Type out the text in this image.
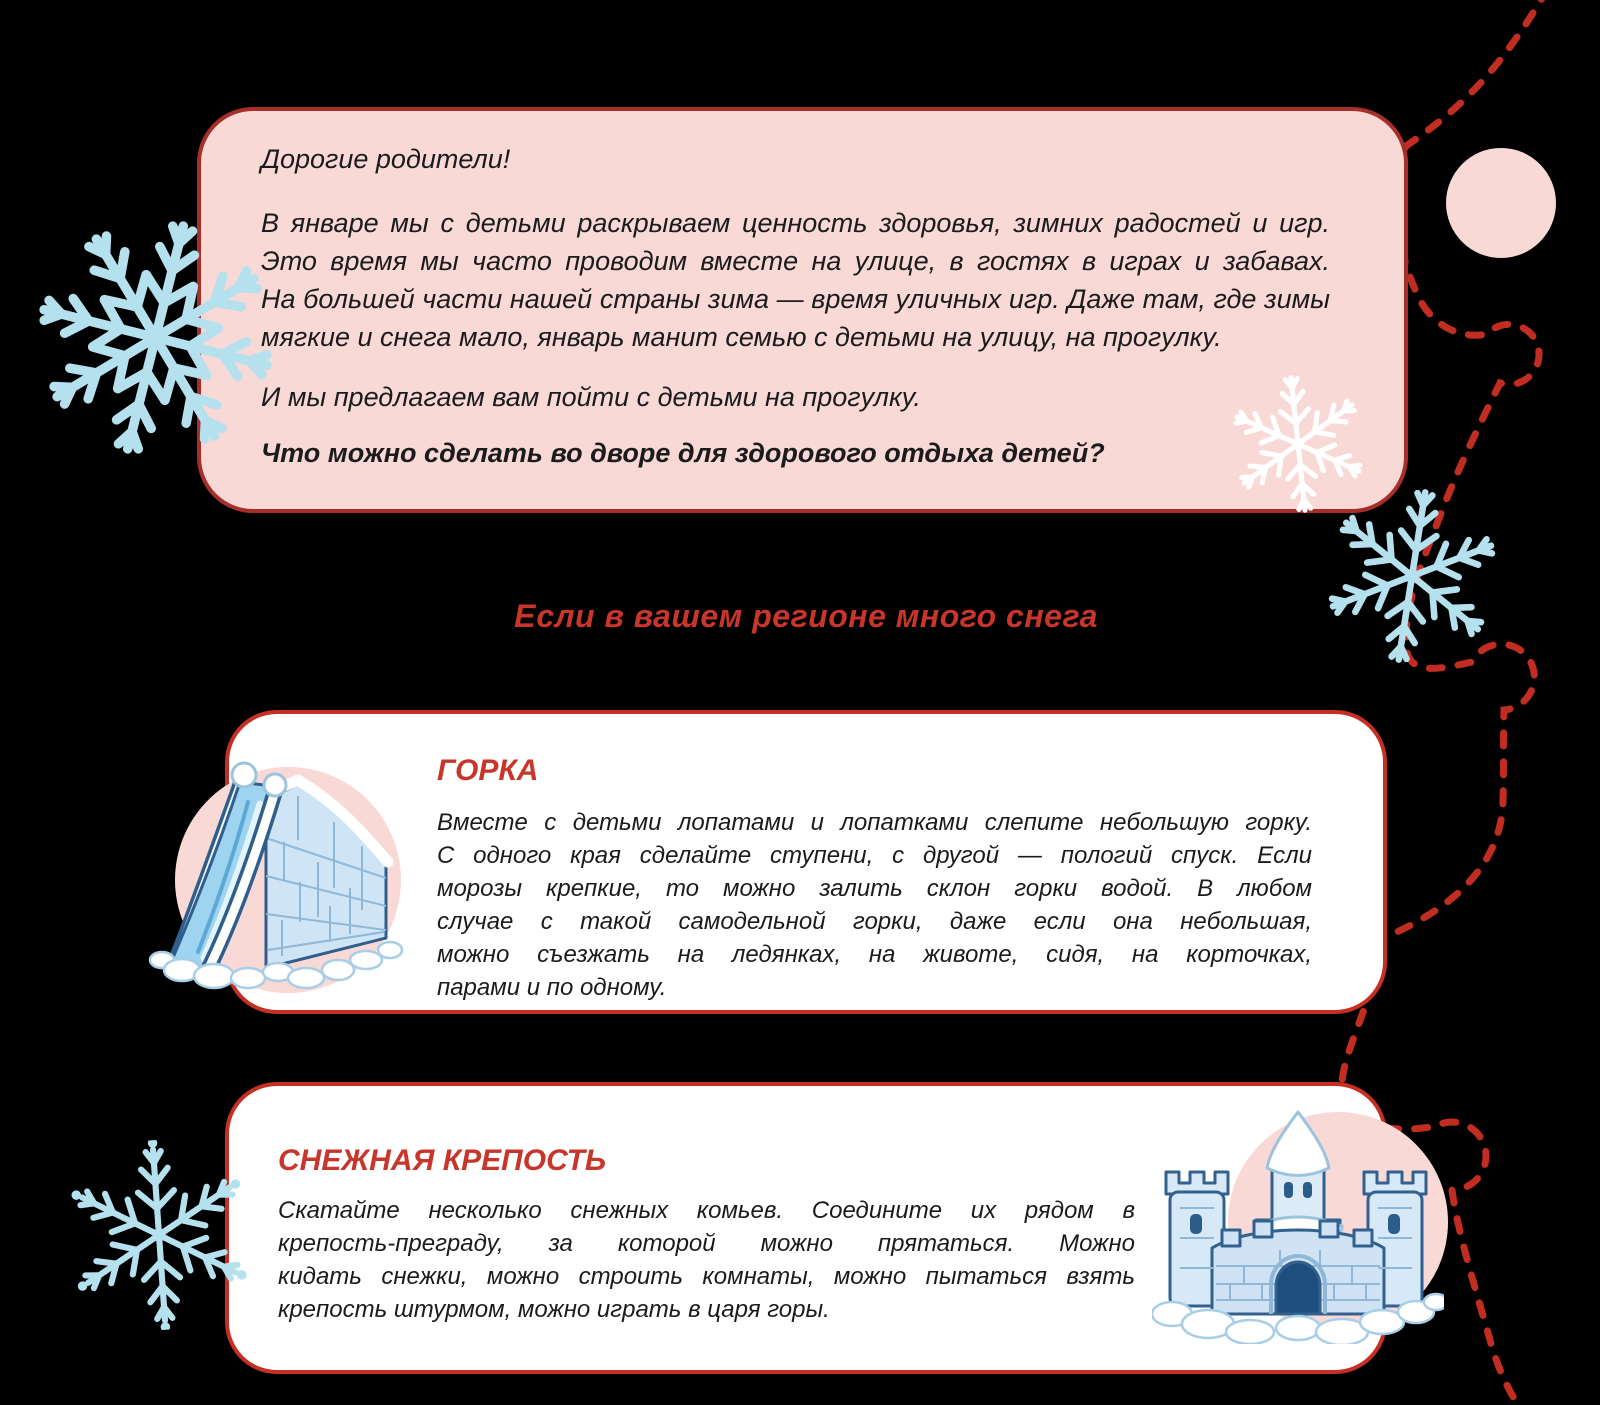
Дорогие родители!
В январе мы с детьми раскрываем ценность здоровья, зимних радостей и игр.
Это время мы часто проводим вместе на улице, в гостях в играх и забавах.
На большей части нашей страны зима — время уличных игр. Даже там, где зимы
мягкие и снега мало, январь манит семью с детьми на улицу, на прогулку.
И мы предлагаем вам пойти с детьми на прогулку.
Что можно сделать во дворе для здорового отдыха детей?
Если в вашем регионе много снега
ГОРКА
Вместе с детьми лопатами и лопатками слепите небольшую горку.
С одного края сделайте ступени, с другой — пологий спуск. Если
морозы крепкие, то можно залить склон горки водой. В любом
случае с такой самодельной горки, даже если она небольшая,
можно съезжать на ледянках, на животе, сидя, на корточках,
парами и по одному.
СНЕЖНАЯ КРЕПОСТЬ
Скатайте несколько снежных комьев. Соедините их рядом в
крепость-преграду, за которой можно прятаться. Можно
кидать снежки, можно строить комнаты, можно пытаться взять
крепость штурмом, можно играть в царя горы.
